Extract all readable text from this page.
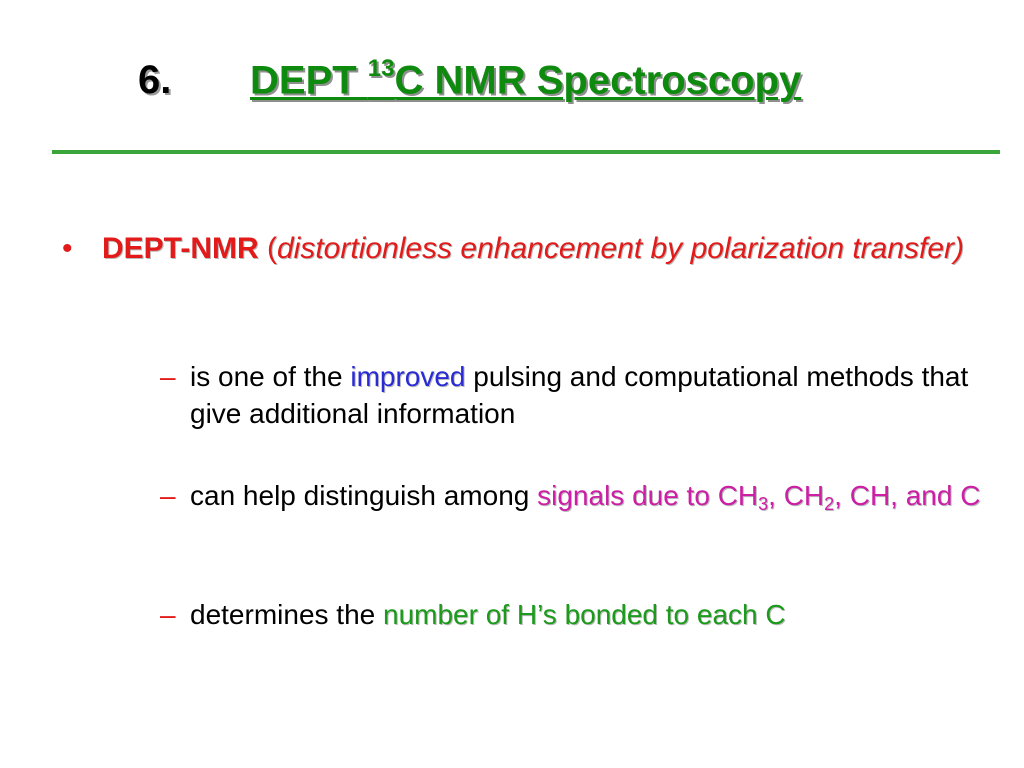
6. DEPT $^{13}$C NMR Spectroscopy
• DEPT-NMR (distortionless enhancement by polarization transfer)
– is one of the improved pulsing and computational methods that give additional information
– can help distinguish among signals due to $CH_3$, $CH_2$, CH, and C
– determines the number of H’s bonded to each C
